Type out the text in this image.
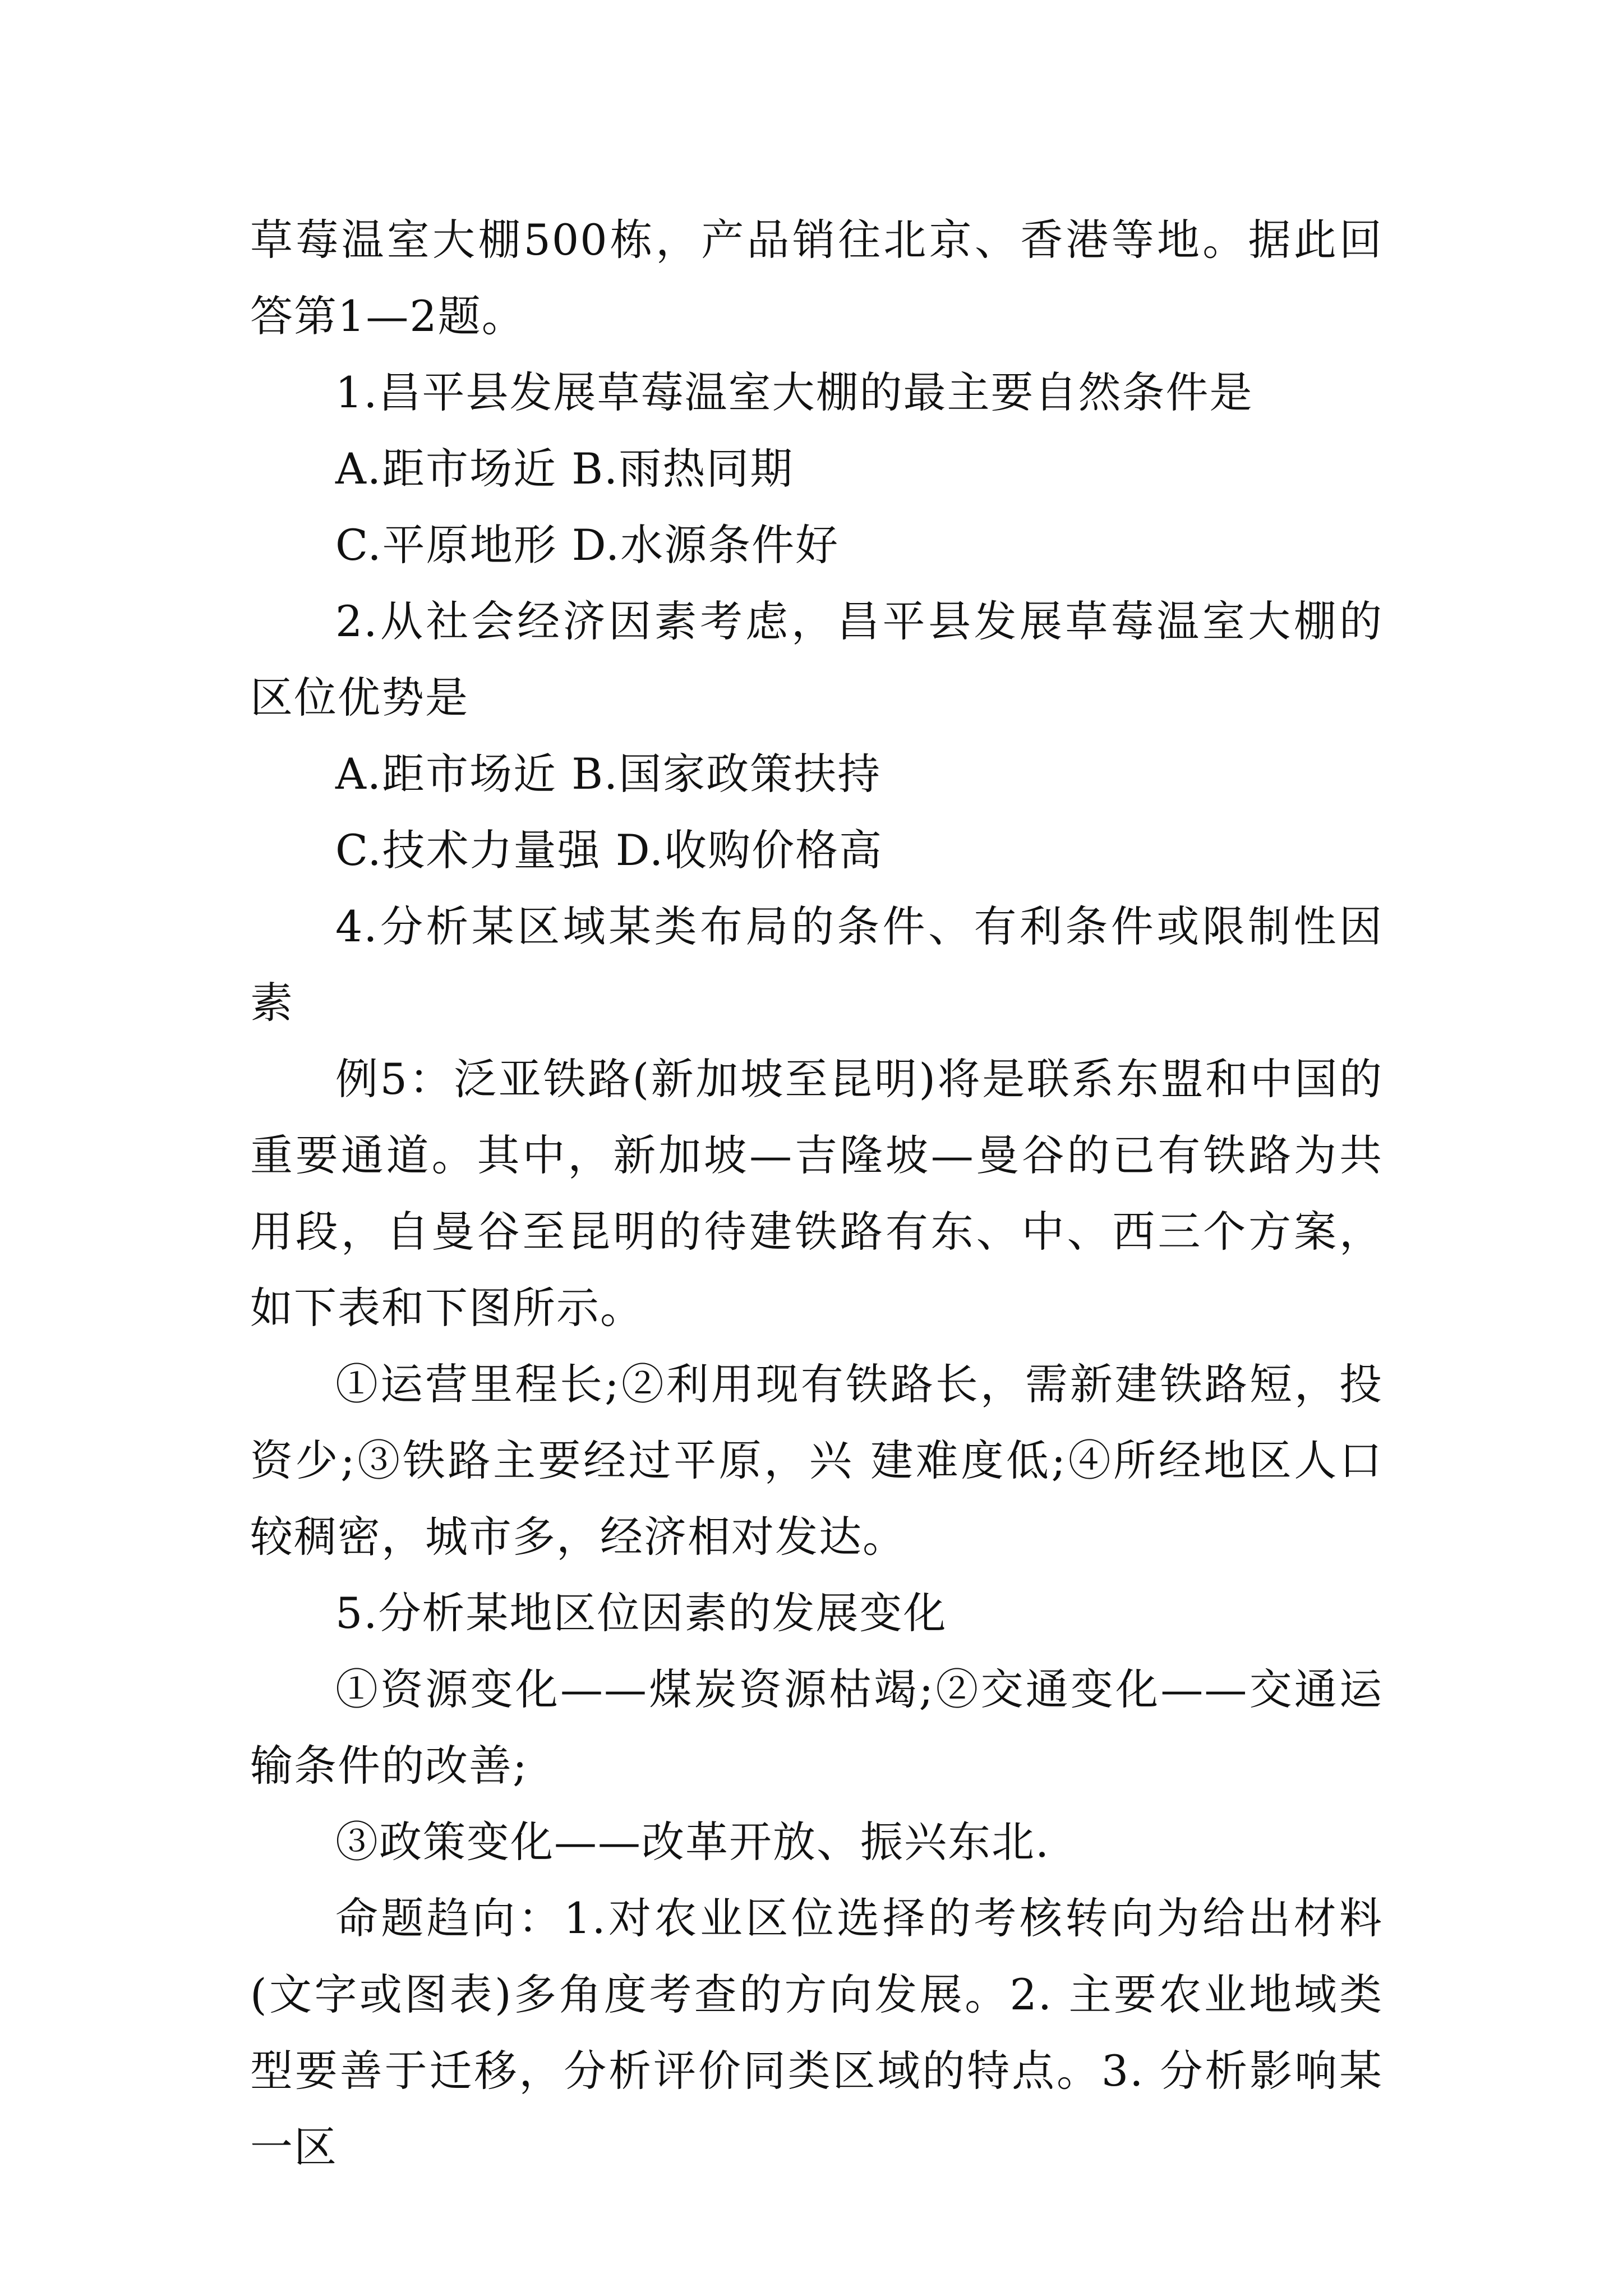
草莓温室大棚500栋，产品销往北京、香港等地。据此回答第1—2题。

1.昌平县发展草莓温室大棚的最主要自然条件是

A.距市场近 B.雨热同期

C.平原地形 D.水源条件好

2.从社会经济因素考虑，昌平县发展草莓温室大棚的区位优势是

A.距市场近 B.国家政策扶持

C.技术力量强 D.收购价格高

4.分析某区域某类布局的条件、有利条件或限制性因素

例5：泛亚铁路(新加坡至昆明)将是联系东盟和中国的重要通道。其中，新加坡—吉隆坡—曼谷的已有铁路为共用段，自曼谷至昆明的待建铁路有东、中、西三个方案，如下表和下图所示。

①运营里程长;②利用现有铁路长，需新建铁路短，投资少;③铁路主要经过平原，兴 建难度低;④所经地区人口较稠密，城市多，经济相对发达。

5.分析某地区位因素的发展变化

①资源变化——煤炭资源枯竭;②交通变化——交通运输条件的改善;

③政策变化——改革开放、振兴东北.

命题趋向：1.对农业区位选择的考核转向为给出材料(文字或图表)多角度考查的方向发展。2. 主要农业地域类型要善于迁移，分析评价同类区域的特点。3. 分析影响某一区
